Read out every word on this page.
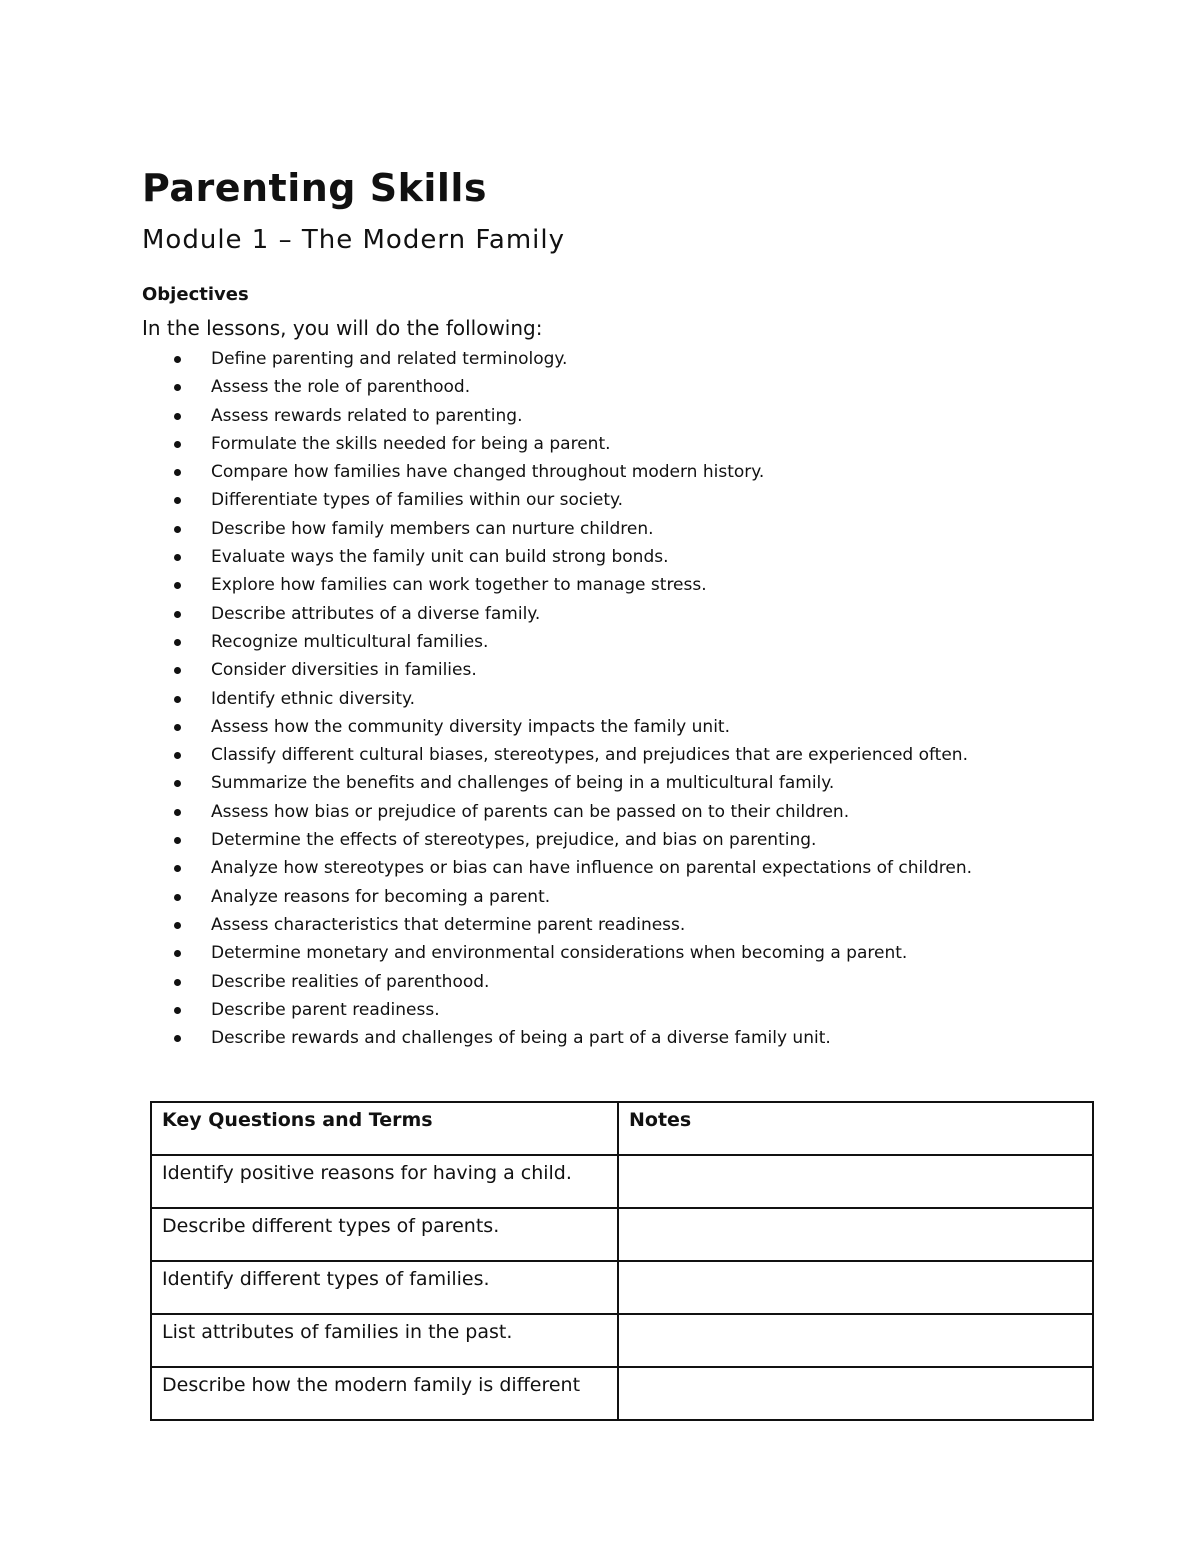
Parenting Skills
Module 1 – The Modern Family
Objectives
In the lessons, you will do the following:
Define parenting and related terminology.
Assess the role of parenthood.
Assess rewards related to parenting.
Formulate the skills needed for being a parent.
Compare how families have changed throughout modern history.
Differentiate types of families within our society.
Describe how family members can nurture children.
Evaluate ways the family unit can build strong bonds.
Explore how families can work together to manage stress.
Describe attributes of a diverse family.
Recognize multicultural families.
Consider diversities in families.
Identify ethnic diversity.
Assess how the community diversity impacts the family unit.
Classify different cultural biases, stereotypes, and prejudices that are experienced often.
Summarize the benefits and challenges of being in a multicultural family.
Assess how bias or prejudice of parents can be passed on to their children.
Determine the effects of stereotypes, prejudice, and bias on parenting.
Analyze how stereotypes or bias can have influence on parental expectations of children.
Analyze reasons for becoming a parent.
Assess characteristics that determine parent readiness.
Determine monetary and environmental considerations when becoming a parent.
Describe realities of parenthood.
Describe parent readiness.
Describe rewards and challenges of being a part of a diverse family unit.
Key Questions and Terms	Notes
Identify positive reasons for having a child.	
Describe different types of parents.	
Identify different types of families.	
List attributes of families in the past.	
Describe how the modern family is different	
